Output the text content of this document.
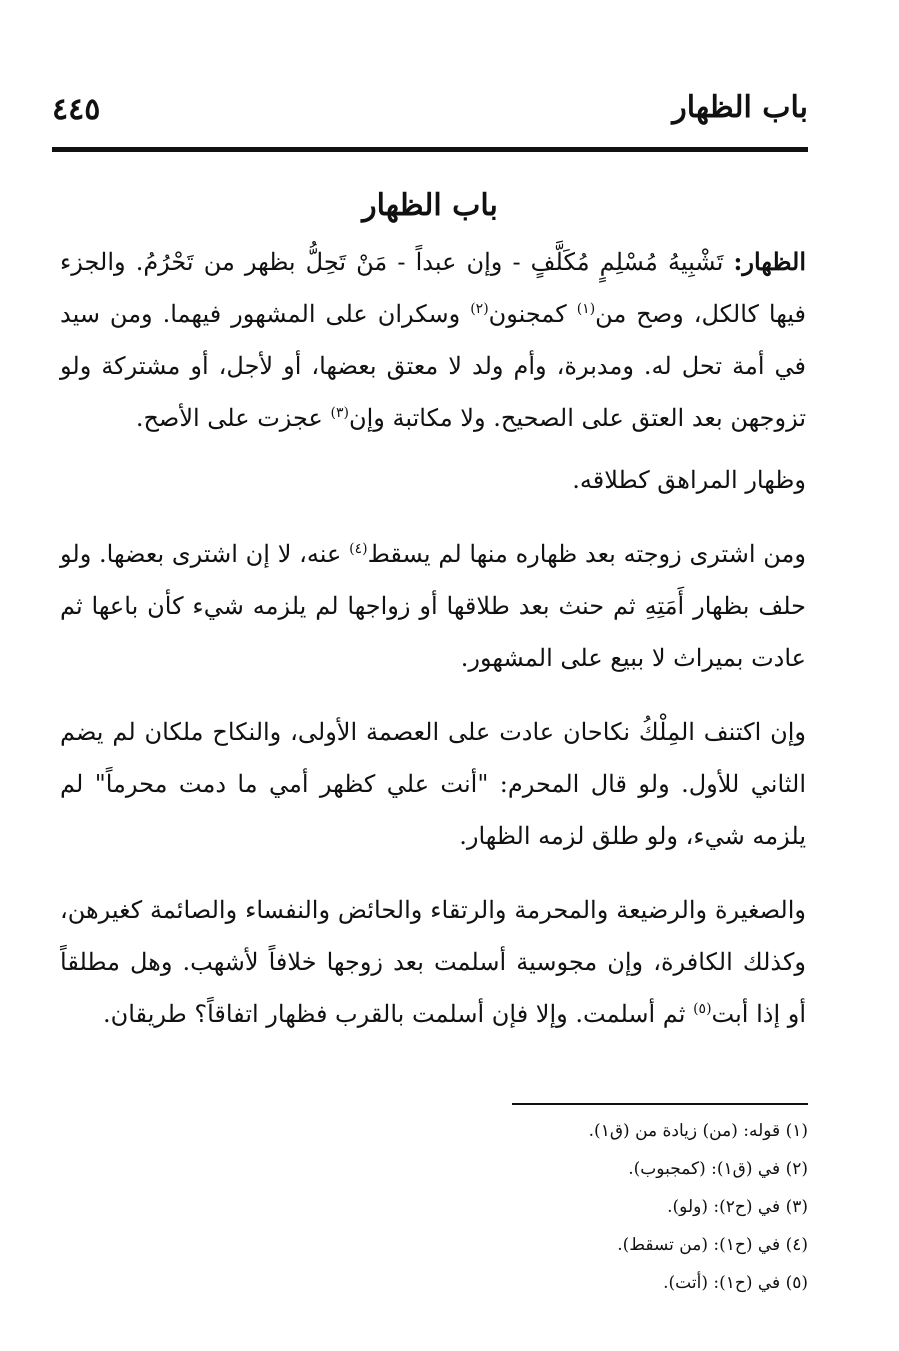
باب الظهار
٤٤٥
باب الظهار

الظهار: تَشْبِيهُ مُسْلِمٍ مُكَلَّفٍ - وإن عبداً - مَنْ تَحِلُّ بظهر من تَحْرُمُ. والجزء فيها كالكل، وصح من$^{(١)}$ كمجنون$^{(٢)}$ وسكران على المشهور فيهما. ومن سيد في أمة تحل له. ومدبرة، وأم ولد لا معتق بعضها، أو لأجل، أو مشتركة ولو تزوجهن بعد العتق على الصحيح. ولا مكاتبة وإن$^{(٣)}$ عجزت على الأصح.

وظهار المراهق كطلاقه.

ومن اشترى زوجته بعد ظهاره منها لم يسقط$^{(٤)}$ عنه، لا إن اشترى بعضها. ولو حلف بظهار أَمَتِهِ ثم حنث بعد طلاقها أو زواجها لم يلزمه شيء كأن باعها ثم عادت بميراث لا ببيع على المشهور.

وإن اكتنف المِلْكُ نكاحان عادت على العصمة الأولى، والنكاح ملكان لم يضم الثاني للأول. ولو قال المحرم: "أنت علي كظهر أمي ما دمت محرماً" لم يلزمه شيء، ولو طلق لزمه الظهار.

والصغيرة والرضيعة والمحرمة والرتقاء والحائض والنفساء والصائمة كغيرهن، وكذلك الكافرة، وإن مجوسية أسلمت بعد زوجها خلافاً لأشهب. وهل مطلقاً أو إذا أبت$^{(٥)}$ ثم أسلمت. وإلا فإن أسلمت بالقرب فظهار اتفاقاً؟ طريقان.

(١) قوله: (من) زيادة من (ق١).

(٢) في (ق١): (كمجبوب).

(٣) في (ح٢): (ولو).

(٤) في (ح١): (من تسقط).

(٥) في (ح١): (أتت).
